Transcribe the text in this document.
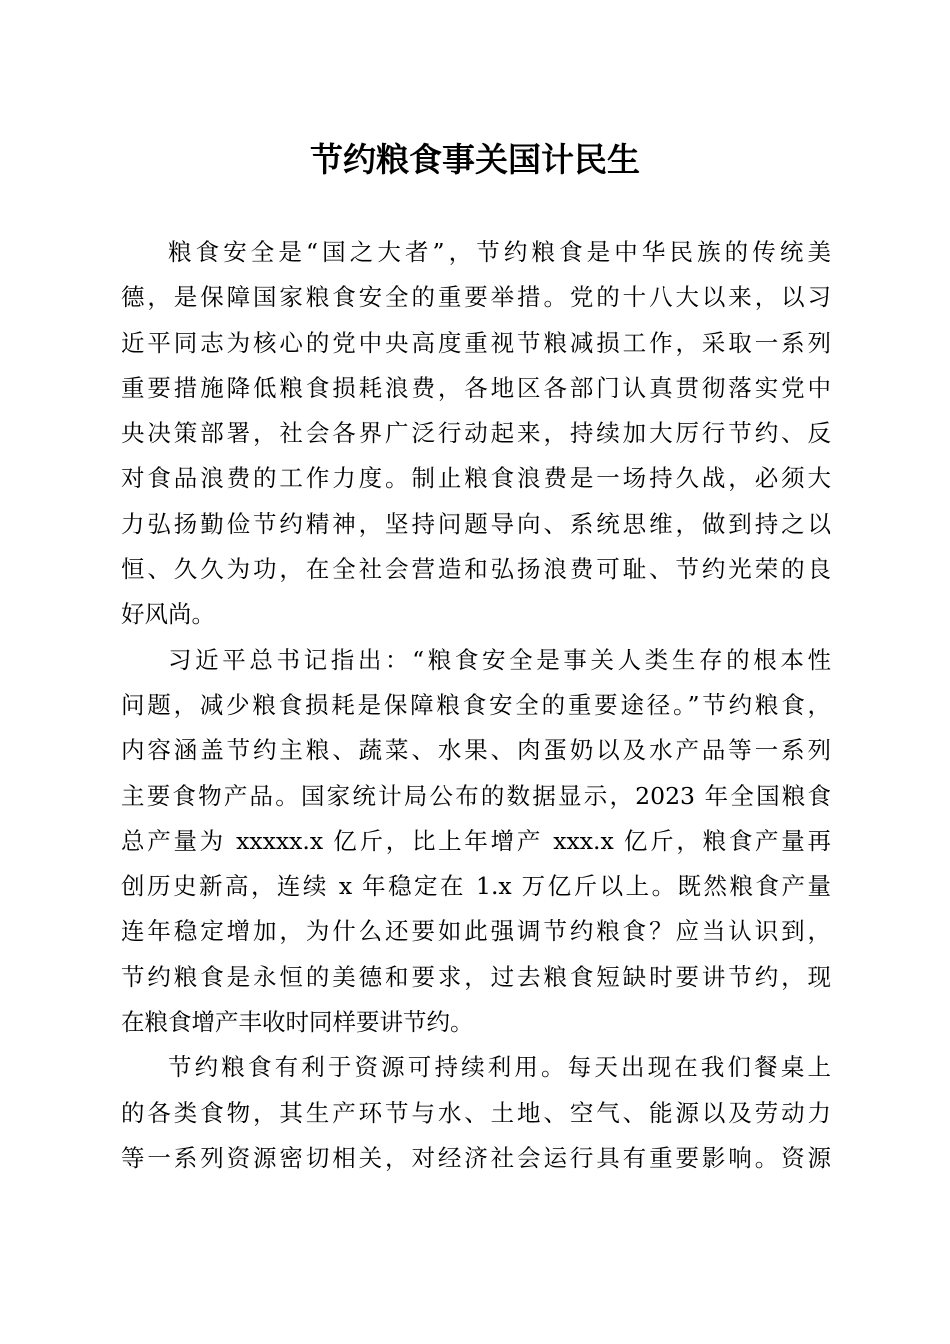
节约粮食事关国计民生
粮食安全是“国之大者”，节约粮食是中华民族的传统美
德，是保障国家粮食安全的重要举措。党的十八大以来，以习
近平同志为核心的党中央高度重视节粮减损工作，采取一系列
重要措施降低粮食损耗浪费，各地区各部门认真贯彻落实党中
央决策部署，社会各界广泛行动起来，持续加大厉行节约、反
对食品浪费的工作力度。制止粮食浪费是一场持久战，必须大
力弘扬勤俭节约精神，坚持问题导向、系统思维，做到持之以
恒、久久为功，在全社会营造和弘扬浪费可耻、节约光荣的良
好风尚。
习近平总书记指出：“粮食安全是事关人类生存的根本性
问题，减少粮食损耗是保障粮食安全的重要途径。”节约粮食，
内容涵盖节约主粮、蔬菜、水果、肉蛋奶以及水产品等一系列
主要食物产品。国家统计局公布的数据显示，2023 年全国粮食
总产量为 xxxxx.x 亿斤，比上年增产 xxx.x 亿斤，粮食产量再
创历史新高，连续 x 年稳定在 1.x 万亿斤以上。既然粮食产量
连年稳定增加，为什么还要如此强调节约粮食？应当认识到，
节约粮食是永恒的美德和要求，过去粮食短缺时要讲节约，现
在粮食增产丰收时同样要讲节约。
节约粮食有利于资源可持续利用。每天出现在我们餐桌上
的各类食物，其生产环节与水、土地、空气、能源以及劳动力
等一系列资源密切相关，对经济社会运行具有重要影响。资源
